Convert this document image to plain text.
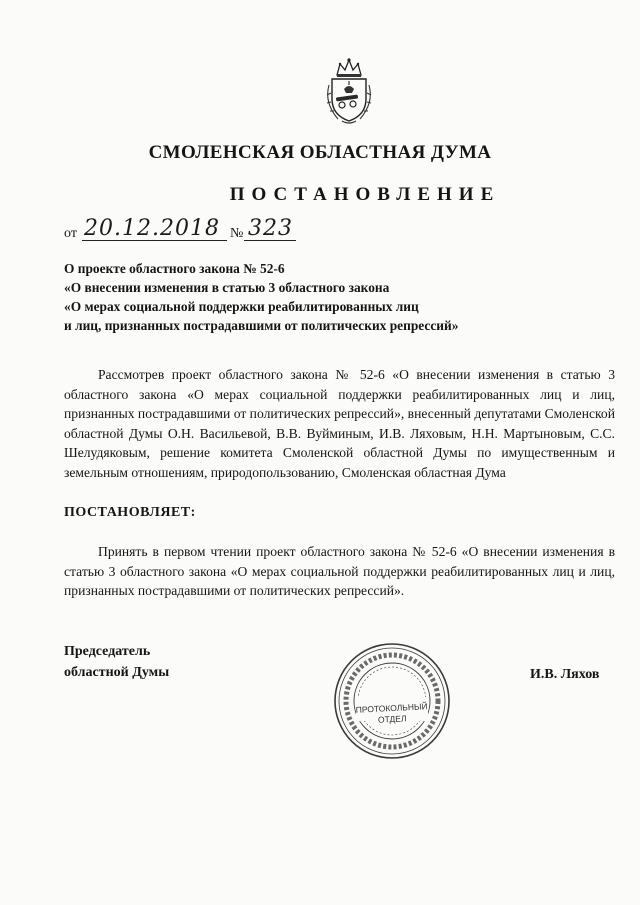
СМОЛЕНСКАЯ ОБЛАСТНАЯ ДУМА
ПОСТАНОВЛЕНИЕ
от 20.12.2018 № 323
О проекте областного закона № 52-6
«О внесении изменения в статью 3 областного закона
«О мерах социальной поддержки реабилитированных лиц
и лиц, признанных пострадавшими от политических репрессий»
Рассмотрев проект областного закона № 52-6 «О внесении изменения в статью 3 областного закона «О мерах социальной поддержки реабилитированных лиц и лиц, признанных пострадавшими от политических репрессий», внесенный депутатами Смоленской областной Думы О.Н. Васильевой, В.В. Вуйминым, И.В. Ляховым, Н.Н. Мартыновым, С.С. Шелудяковым, решение комитета Смоленской областной Думы по имущественным и земельным отношениям, природопользованию, Смоленская областная Дума
ПОСТАНОВЛЯЕТ:
Принять в первом чтении проект областного закона № 52-6 «О внесении изменения в статью 3 областного закона «О мерах социальной поддержки реабилитированных лиц и лиц, признанных пострадавшими от политических репрессий».
Председатель
областной Думы
ПРОТОКОЛЬНЫЙ
ОТДЕЛ
И.В. Ляхов
